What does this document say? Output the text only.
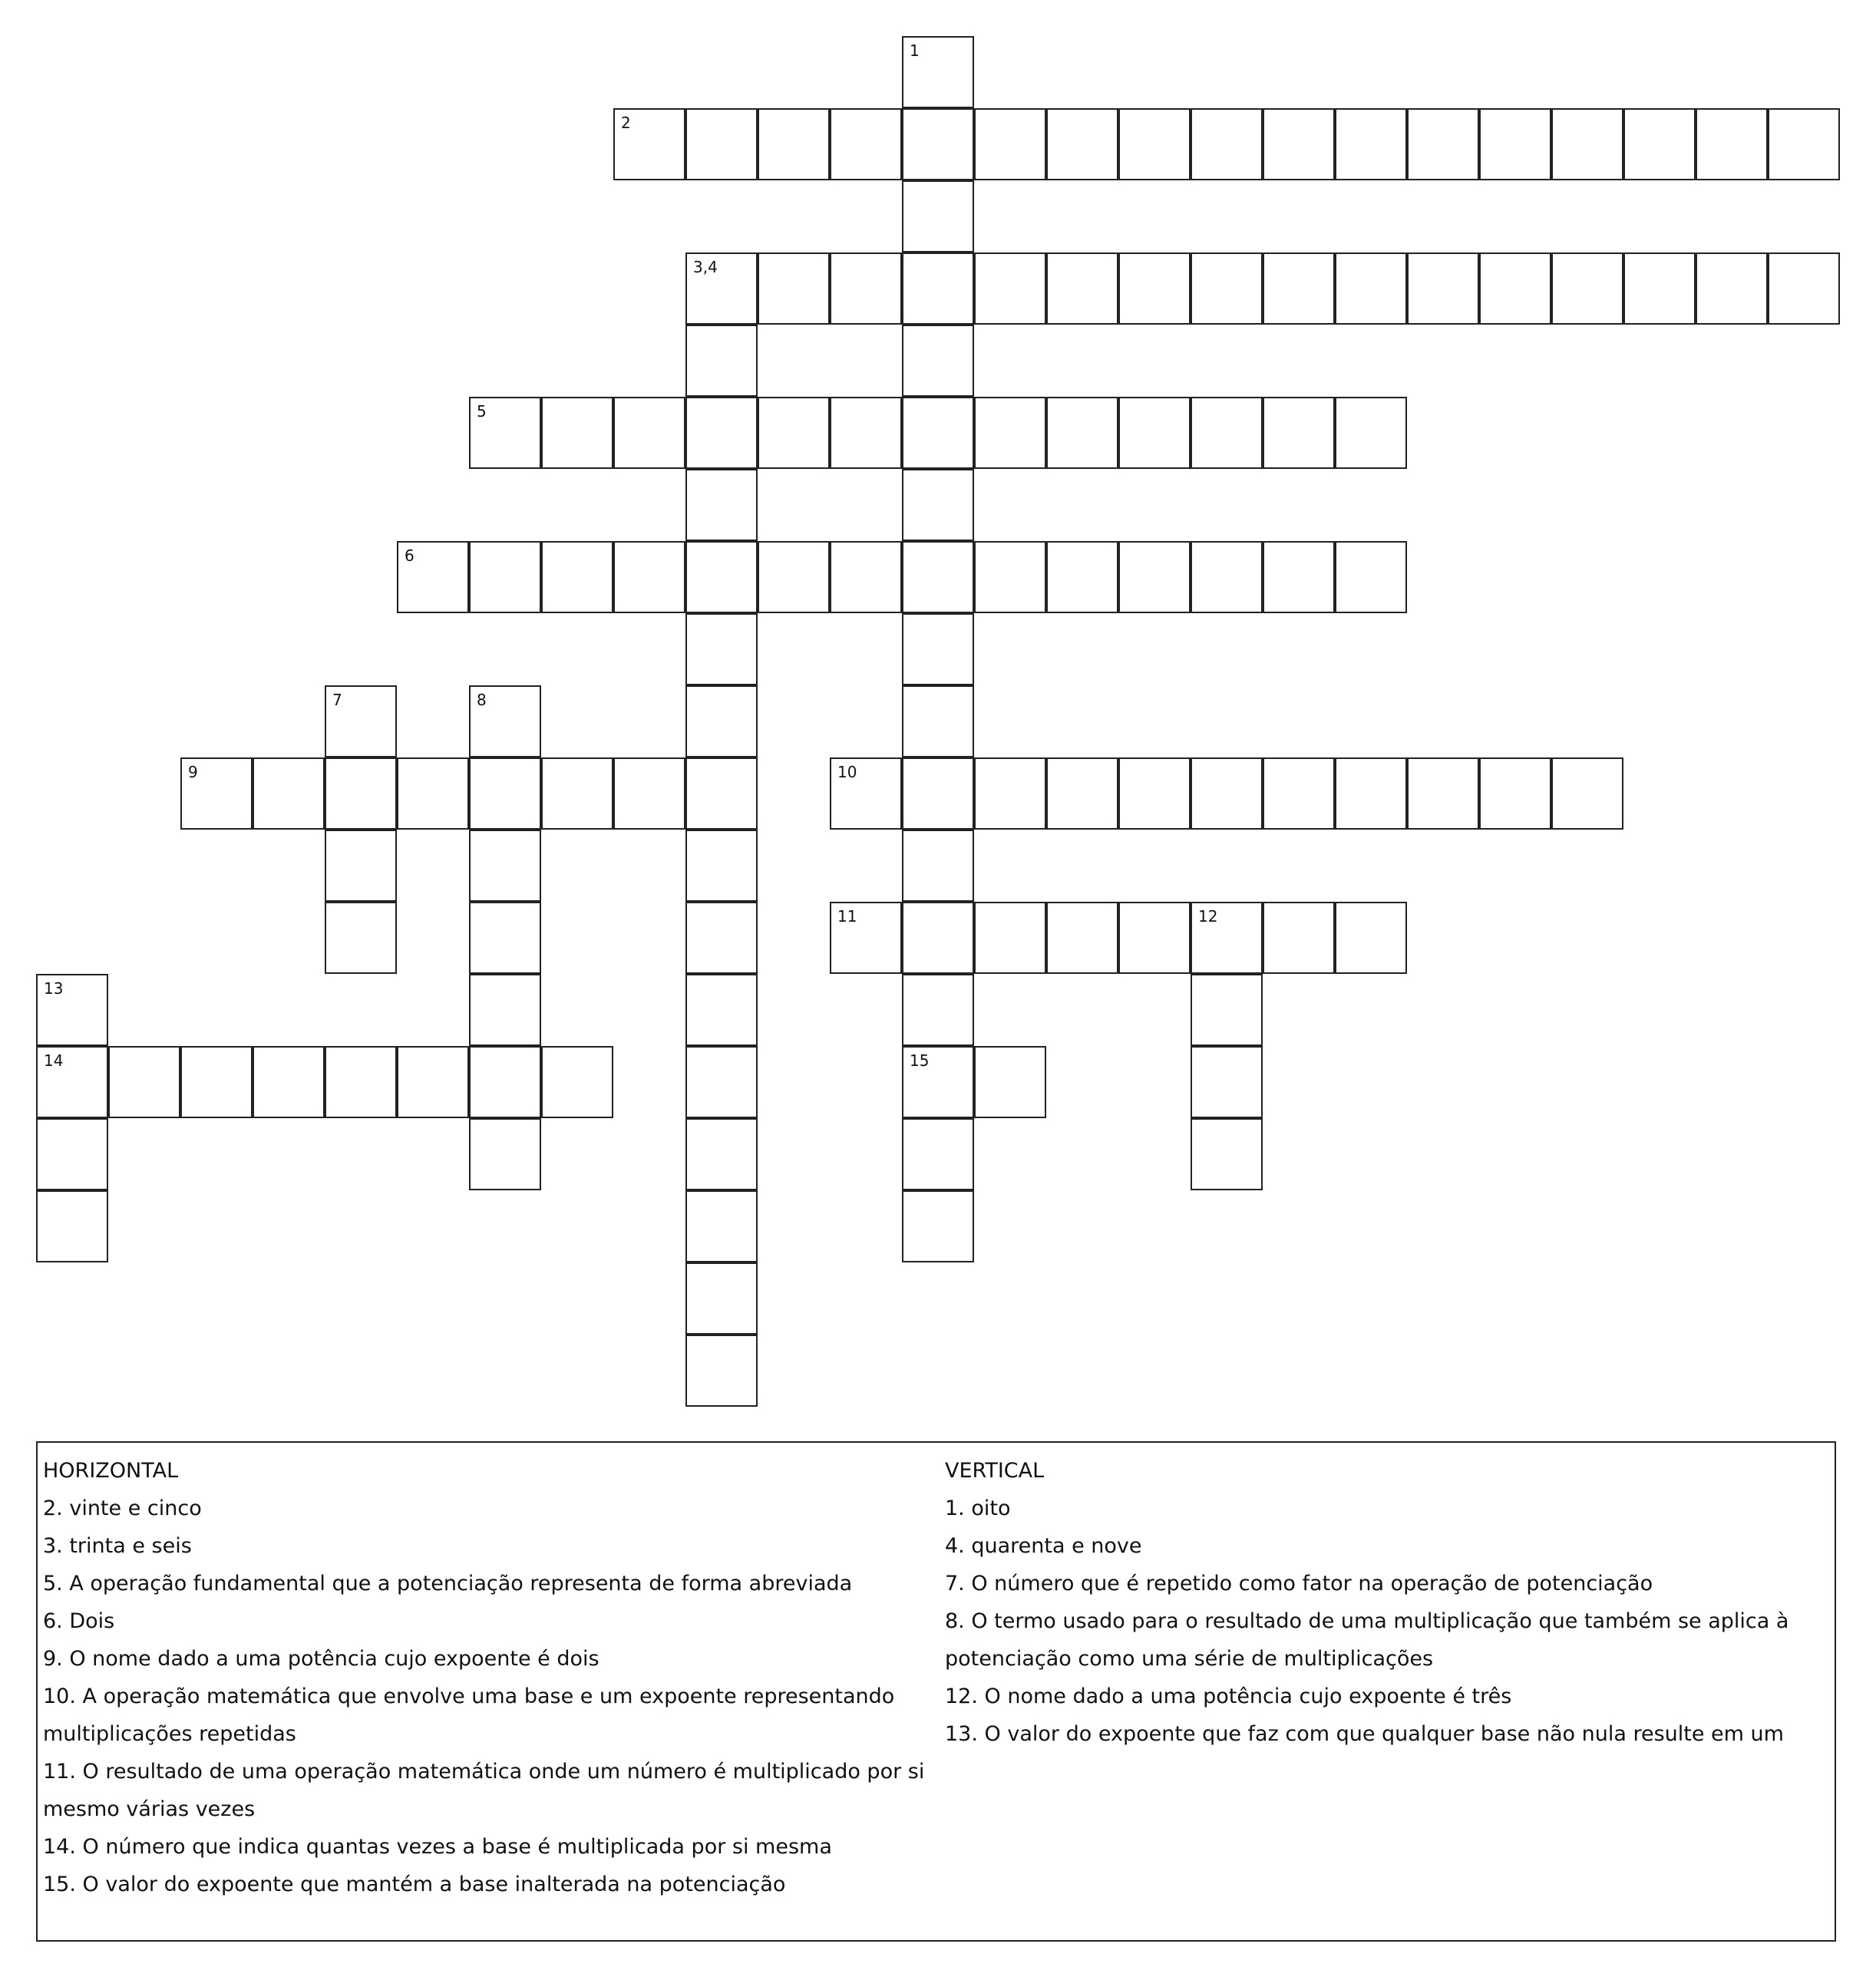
2
3,4
5
6
9	10
11	12
14	15
1
7	8
13

HORIZONTAL

2. vinte e cinco

3. trinta e seis

5. A operação fundamental que a potenciação representa de forma abreviada

6. Dois

9. O nome dado a uma potência cujo expoente é dois

10. A operação matemática que envolve uma base e um expoente representando multiplicações repetidas

11. O resultado de uma operação matemática onde um número é multiplicado por si mesmo várias vezes

14. O número que indica quantas vezes a base é multiplicada por si mesma

15. O valor do expoente que mantém a base inalterada na potenciação

VERTICAL

1. oito

4. quarenta e nove

7. O número que é repetido como fator na operação de potenciação

8. O termo usado para o resultado de uma multiplicação que também se aplica à potenciação como uma série de multiplicações

12. O nome dado a uma potência cujo expoente é três

13. O valor do expoente que faz com que qualquer base não nula resulte em um
